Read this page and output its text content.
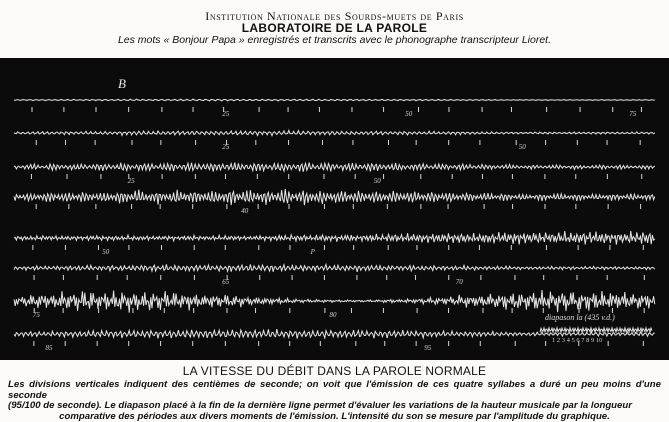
Institution Nationale des Sourds-muets de Paris
LABORATOIRE DE LA PAROLE
Les mots « Bonjour Papa » enregistrés et transcrits avec le phonographe transcripteur Lioret.
B
25	50	75
25	50
25	50
40
50	P
65	70
75	80
85	95
diapason la (435 v.d.)
1 2 3 4 5 6 7 8 9 10
LA VITESSE DU DÉBIT DANS LA PAROLE NORMALE
Les divisions verticales indiquent des centièmes de seconde; on voit que l'émission de ces quatre syllabes a duré un peu moins d'une seconde
(95/100 de seconde). Le diapason placé à la fin de la dernière ligne permet d'évaluer les variations de la hauteur musicale par la longueur
comparative des périodes aux divers moments de l'émission. L'intensité du son se mesure par l'amplitude du graphique.
